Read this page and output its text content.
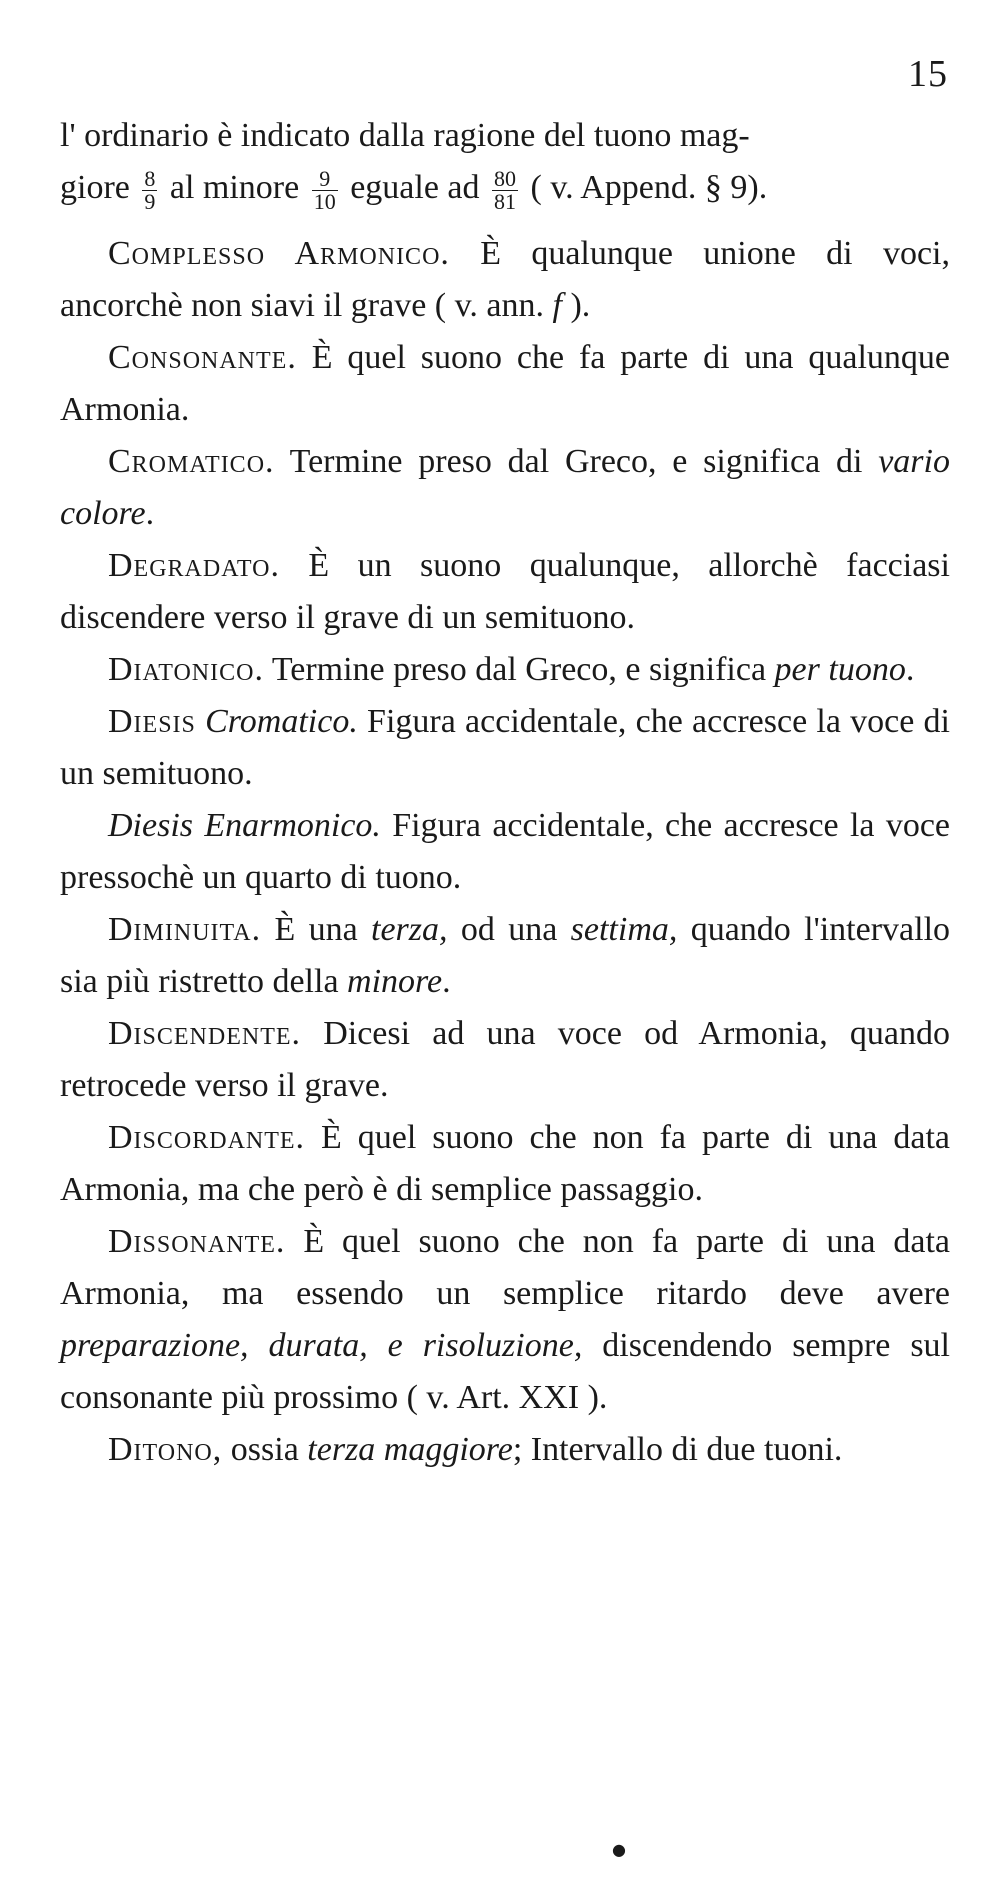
15

l' ordinario è indicato dalla ragione del tuono mag-
giore $\frac{8}{9}$ al minore $\frac{9}{10}$ eguale ad $\frac{80}{81}$ ( v. Append. § 9).

Complesso Armonico. È qualunque unione di voci, ancorchè non siavi il grave ( v. ann. f ).

Consonante. È quel suono che fa parte di una qualunque Armonia.

Cromatico. Termine preso dal Greco, e significa di vario colore.

Degradato. È un suono qualunque, allorchè facciasi discendere verso il grave di un semituono.

Diatonico. Termine preso dal Greco, e significa per tuono.

Diesis Cromatico. Figura accidentale, che accresce la voce di un semituono.

Diesis Enarmonico. Figura accidentale, che accresce la voce pressochè un quarto di tuono.

Diminuita. È una terza, od una settima, quando l'intervallo sia più ristretto della minore.

Discendente. Dicesi ad una voce od Armonia, quando retrocede verso il grave.

Discordante. È quel suono che non fa parte di una data Armonia, ma che però è di semplice passaggio.

Dissonante. È quel suono che non fa parte di una data Armonia, ma essendo un semplice ritardo deve avere preparazione, durata, e risoluzione, discendendo sempre sul consonante più prossimo ( v. Art. XXI ).

Ditono, ossia terza maggiore; Intervallo di due tuoni.

●
